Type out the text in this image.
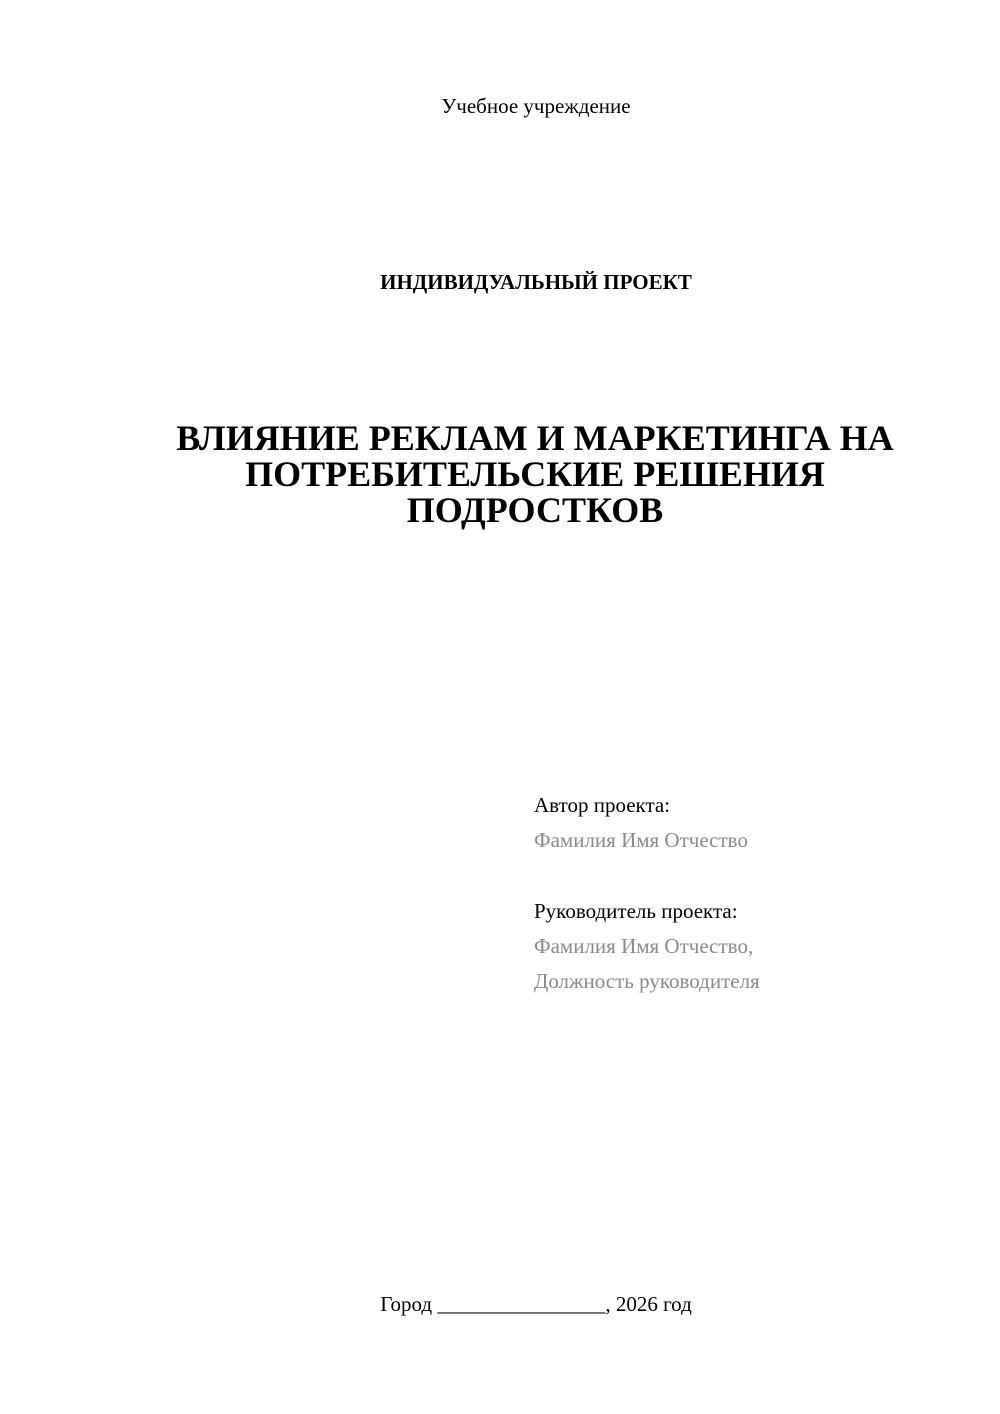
Учебное учреждение
ИНДИВИДУАЛЬНЫЙ ПРОЕКТ
ВЛИЯНИЕ РЕКЛАМ И МАРКЕТИНГА НА
ПОТРЕБИТЕЛЬСКИЕ РЕШЕНИЯ
ПОДРОСТКОВ
Автор проекта:
Фамилия Имя Отчество
Руководитель проекта:
Фамилия Имя Отчество,
Должность руководителя
Город ________________, 2026 год
